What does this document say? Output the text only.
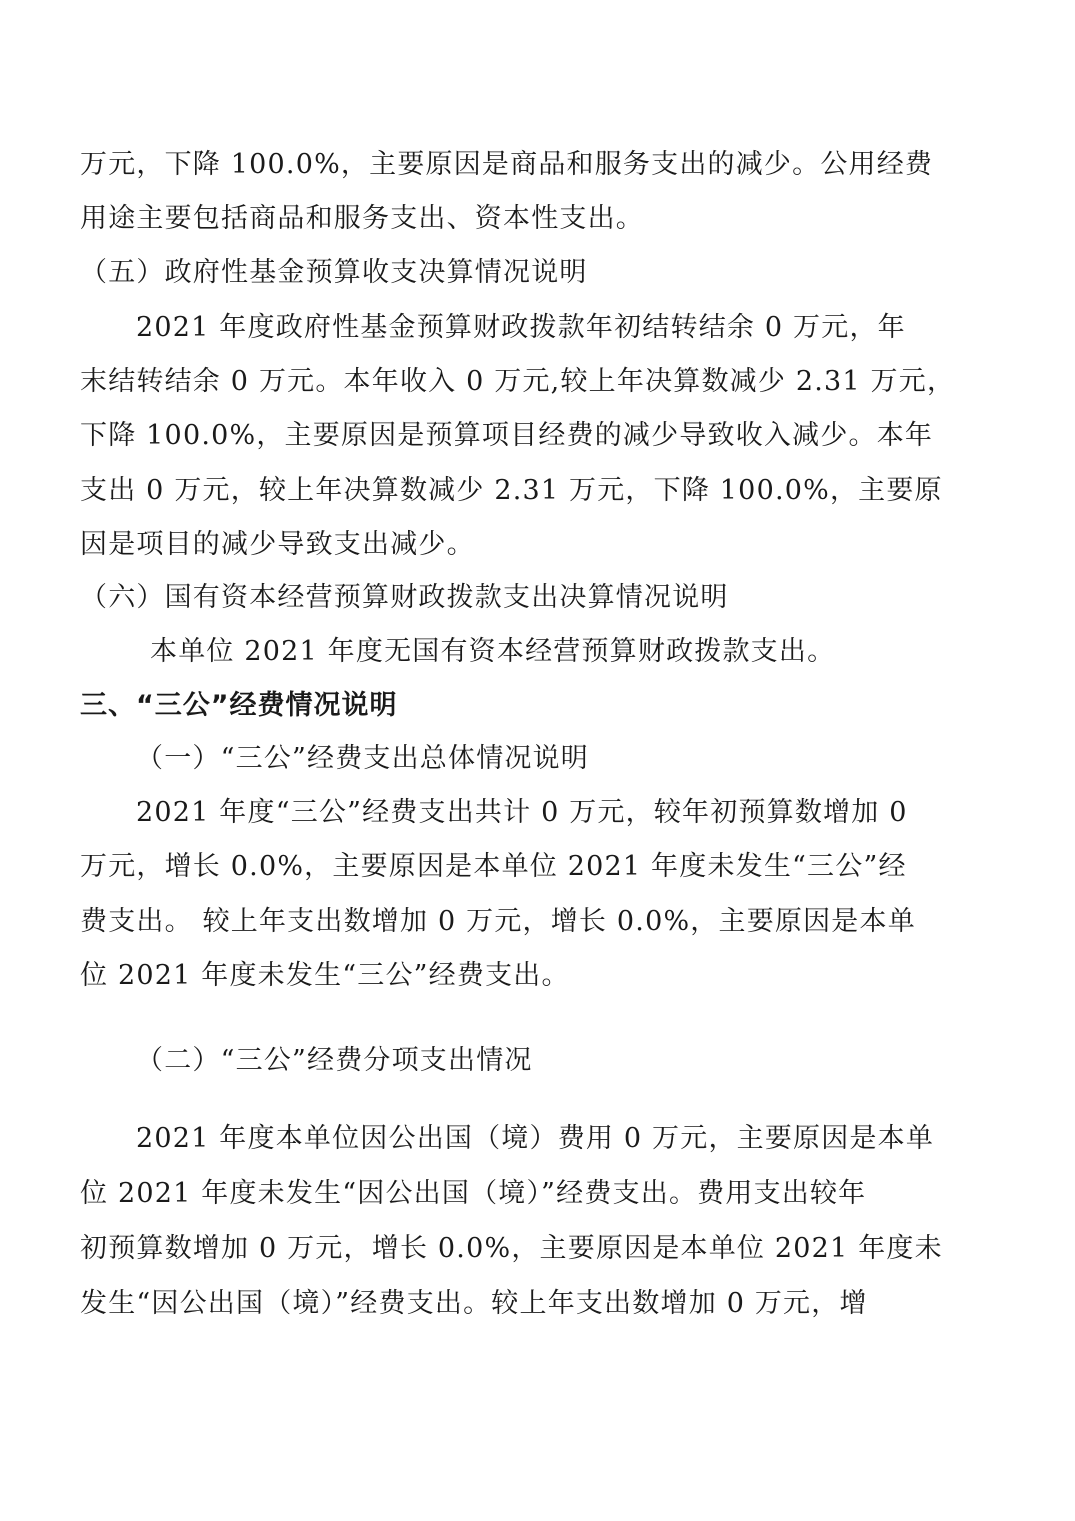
万元，下降 100.0%，主要原因是商品和服务支出的减少。公用经费
用途主要包括商品和服务支出、资本性支出。
（五）政府性基金预算收支决算情况说明
2021 年度政府性基金预算财政拨款年初结转结余 0 万元，年
末结转结余 0 万元。本年收入 0 万元,较上年决算数减少 2.31 万元，
下降 100.0%，主要原因是预算项目经费的减少导致收入减少。本年
支出 0 万元，较上年决算数减少 2.31 万元，下降 100.0%，主要原
因是项目的减少导致支出减少。
（六）国有资本经营预算财政拨款支出决算情况说明
本单位 2021 年度无国有资本经营预算财政拨款支出。
三、“三公”经费情况说明
（一）“三公”经费支出总体情况说明
2021 年度“三公”经费支出共计 0 万元，较年初预算数增加 0
万元，增长 0.0%，主要原因是本单位 2021 年度未发生“三公”经
费支出。 较上年支出数增加 0 万元，增长 0.0%，主要原因是本单
位 2021 年度未发生“三公”经费支出。
（二）“三公”经费分项支出情况
2021 年度本单位因公出国（境）费用 0 万元，主要原因是本单
位 2021 年度未发生“因公出国（境）”经费支出。费用支出较年
初预算数增加 0 万元，增长 0.0%，主要原因是本单位 2021 年度未
发生“因公出国（境）”经费支出。较上年支出数增加 0 万元，增
